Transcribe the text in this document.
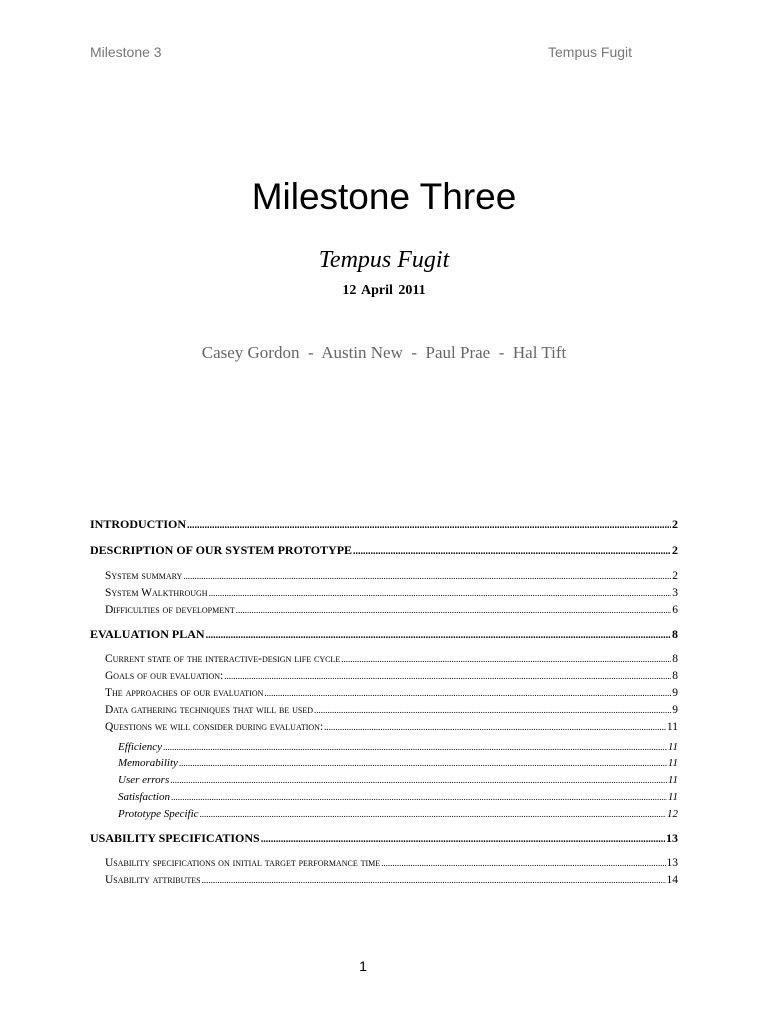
Milestone 3	Tempus Fugit
Milestone Three
Tempus Fugit
12 April 2011
Casey Gordon  -  Austin New  -  Paul Prae  -  Hal Tift
INTRODUCTION .....	2
DESCRIPTION OF OUR SYSTEM PROTOTYPE .....	2
System summary .....	2
System Walkthrough .....	3
Difficulties of development .....	6
EVALUATION PLAN .....	8
Current state of the interactive-design life cycle .....	8
Goals of our evaluation: .....	8
The approaches of our evaluation .....	9
Data gathering techniques that will be used .....	9
Questions we will consider during evaluation: .....	11
Efficiency .....	11
Memorability .....	11
User errors .....	11
Satisfaction .....	11
Prototype Specific .....	12
USABILITY SPECIFICATIONS .....	13
Usability specifications on initial target performance time .....	13
Usability attributes .....	14
1
